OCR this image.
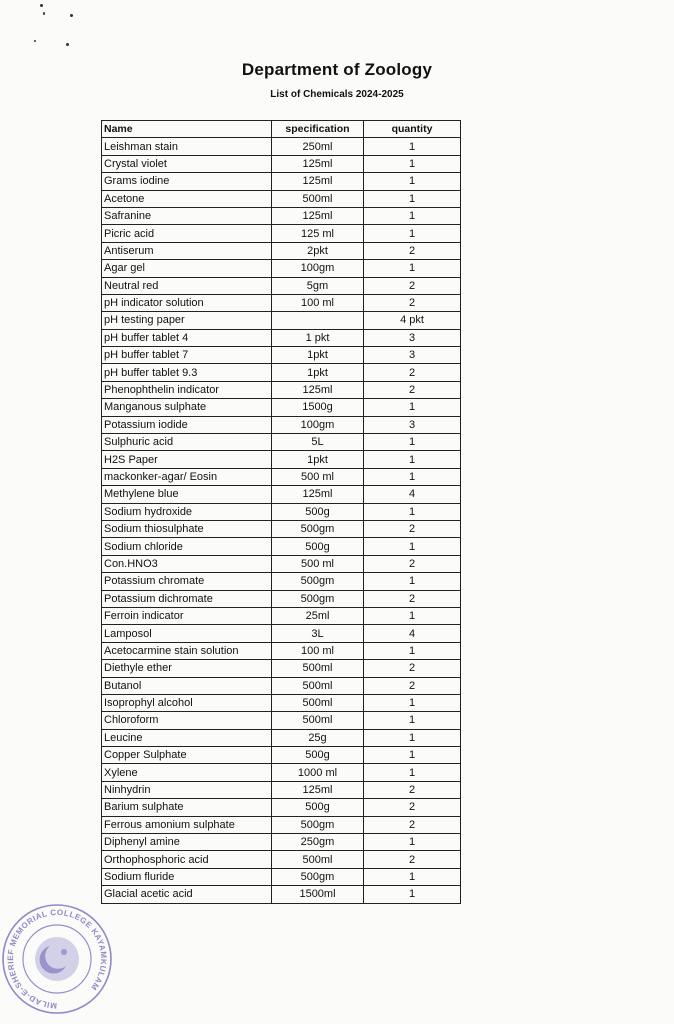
Department of Zoology
List of Chemicals 2024-2025
Name	specification	quantity
Leishman stain	250ml	1
Crystal violet	125ml	1
Grams iodine	125ml	1
Acetone	500ml	1
Safranine	125ml	1
Picric acid	125 ml	1
Antiserum	2pkt	2
Agar gel	100gm	1
Neutral red	5gm	2
pH indicator solution	100 ml	2
pH testing paper		4 pkt
pH buffer tablet 4	1 pkt	3
pH buffer tablet 7	1pkt	3
pH buffer tablet 9.3	1pkt	2
Phenophthelin indicator	125ml	2
Manganous sulphate	1500g	1
Potassium iodide	100gm	3
Sulphuric acid	5L	1
H2S Paper	1pkt	1
mackonker-agar/ Eosin	500 ml	1
Methylene blue	125ml	4
Sodium hydroxide	500g	1
Sodium thiosulphate	500gm	2
Sodium chloride	500g	1
Con.HNO3	500 ml	2
Potassium chromate	500gm	1
Potassium dichromate	500gm	2
Ferroin indicator	25ml	1
Lamposol	3L	4
Acetocarmine stain solution	100 ml	1
Diethyle ether	500ml	2
Butanol	500ml	2
Isoprophyl alcohol	500ml	1
Chloroform	500ml	1
Leucine	25g	1
Copper Sulphate	500g	1
Xylene	1000 ml	1
Ninhydrin	125ml	2
Barium sulphate	500g	2
Ferrous amonium sulphate	500gm	2
Diphenyl amine	250gm	1
Orthophosphoric acid	500ml	2
Sodium fluride	500gm	1
Glacial acetic acid	1500ml	1
MILAD-E-SHERIEF MEMORIAL COLLEGE KAYAMKULAM
